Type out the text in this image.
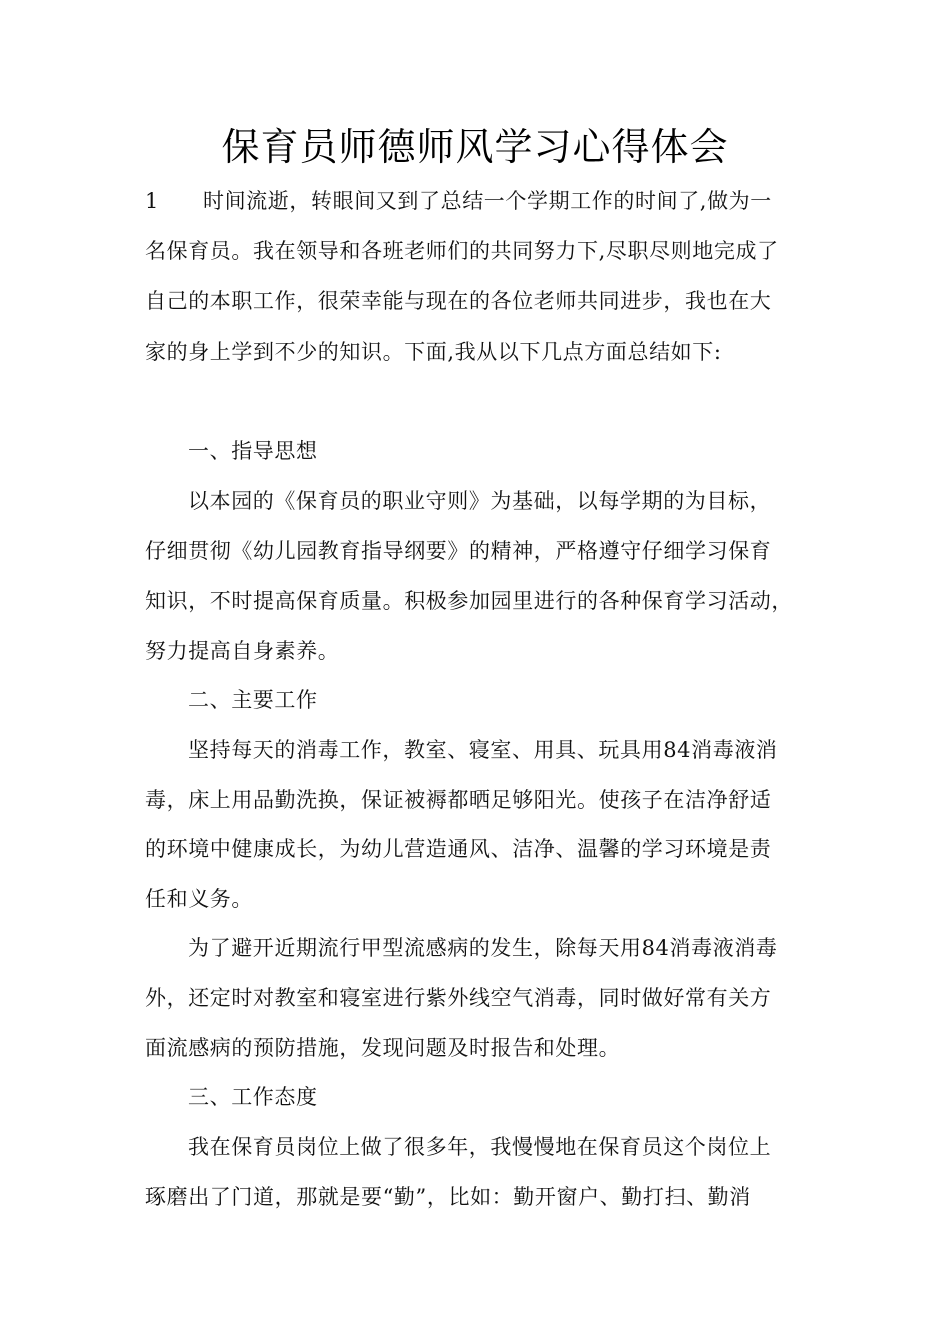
保育员师德师风学习心得体会
1 时间流逝，转眼间又到了总结一个学期工作的时间了,做为一
名保育员。我在领导和各班老师们的共同努力下,尽职尽则地完成了
自己的本职工作，很荣幸能与现在的各位老师共同进步，我也在大
家的身上学到不少的知识。下面,我从以下几点方面总结如下:
一、指导思想
以本园的《保育员的职业守则》为基础，以每学期的为目标，
仔细贯彻《幼儿园教育指导纲要》的精神，严格遵守仔细学习保育
知识，不时提高保育质量。积极参加园里进行的各种保育学习活动，
努力提高自身素养。
二、主要工作
坚持每天的消毒工作，教室、寝室、用具、玩具用84消毒液消
毒，床上用品勤洗换，保证被褥都晒足够阳光。使孩子在洁净舒适
的环境中健康成长，为幼儿营造通风、洁净、温馨的学习环境是责
任和义务。
为了避开近期流行甲型流感病的发生，除每天用84消毒液消毒
外，还定时对教室和寝室进行紫外线空气消毒，同时做好常有关方
面流感病的预防措施，发现问题及时报告和处理。
三、工作态度
我在保育员岗位上做了很多年，我慢慢地在保育员这个岗位上
琢磨出了门道，那就是要“勤”，比如：勤开窗户、勤打扫、勤消
